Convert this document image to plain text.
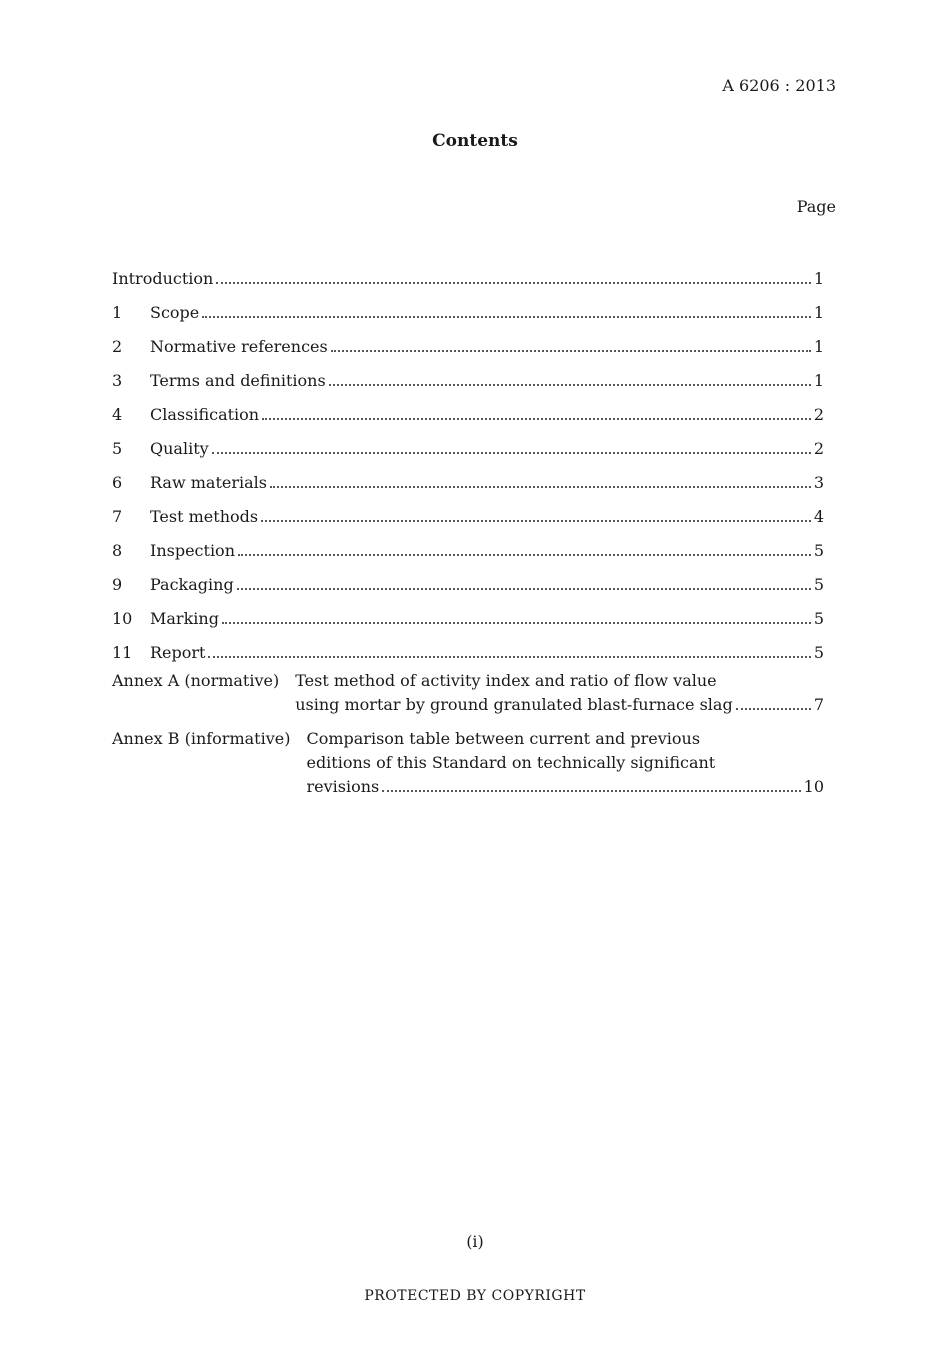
A 6206 : 2013
Contents
Page
Introduction	1
1	Scope	1
2	Normative references	1
3	Terms and definitions	1
4	Classification	2
5	Quality	2
6	Raw materials	3
7	Test methods	4
8	Inspection	5
9	Packaging	5
10	Marking	5
11	Report	5
Annex A (normative)	Test method of activity index and ratio of flow value
using mortar by ground granulated blast-furnace slag	7
Annex B (informative)	Comparison table between current and previous
editions of this Standard on technically significant
revisions	10
(i)
PROTECTED BY COPYRIGHT
